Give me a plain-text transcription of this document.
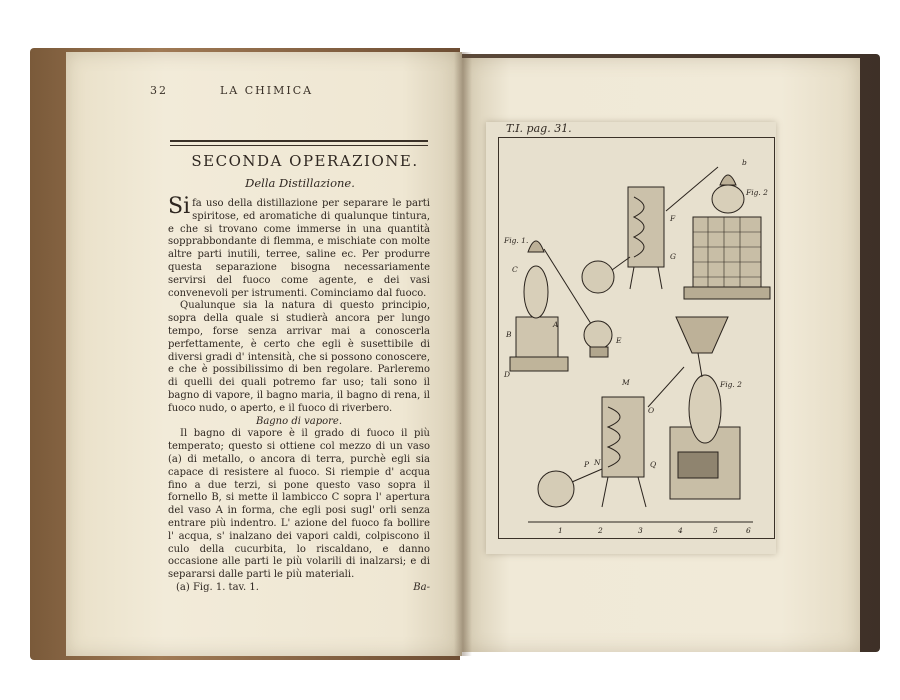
32	LA CHIMICA
SECONDA OPERAZIONE.
Della Distillazione.

Si fa uso della distillazione per separare le parti spiritose, ed aromatiche di qualunque tintura, e che si trovano come immerse in una quantità sopprabbondante di flemma, e mischiate con molte altre parti inutili, terree, saline ec. Per produrre questa separazione bisogna necessariamente servirsi del fuoco come agente, e dei vasi convenevoli per istrumenti. Cominciamo dal fuoco.

Qualunque sia la natura di questo principio, sopra della quale si studierà ancora per lungo tempo, forse senza arrivar mai a conoscerla perfettamente, è certo che egli è susettibile di diversi gradi d' intensità, che si possono conoscere, e che è possibilissimo di ben regolare. Parleremo di quelli dei quali potremo far uso; tali sono il bagno di vapore, il bagno maria, il bagno di rena, il fuoco nudo, o aperto, e il fuoco di riverbero.

Bagno di vapore.

Il bagno di vapore è il grado di fuoco il più temperato; questo si ottiene col mezzo di un vaso (a) di metallo, o ancora di terra, purchè egli sia capace di resistere al fuoco. Si riempie d' acqua fino a due terzi, si pone questo vaso sopra il fornello B, si mette il lambicco C sopra l' apertura del vaso A in forma, che egli posi sugl' orli senza entrare più indentro. L' azione del fuoco fa bollire l' acqua, s' inalzano dei vapori caldi, colpiscono il culo della cucurbita, lo riscaldano, e danno occasione alle parti le più volarili di inalzarsi; e di separarsi dalle parti le più materiali.

Ba-

(a) Fig. 1. tav. 1.
T.I. pag. 31.
Fig. 1.
Fig. 2
Fig. 2
A
B
C
D
E
F
G
M
N
O
P	Q
b
1	2	3	4	5	6
